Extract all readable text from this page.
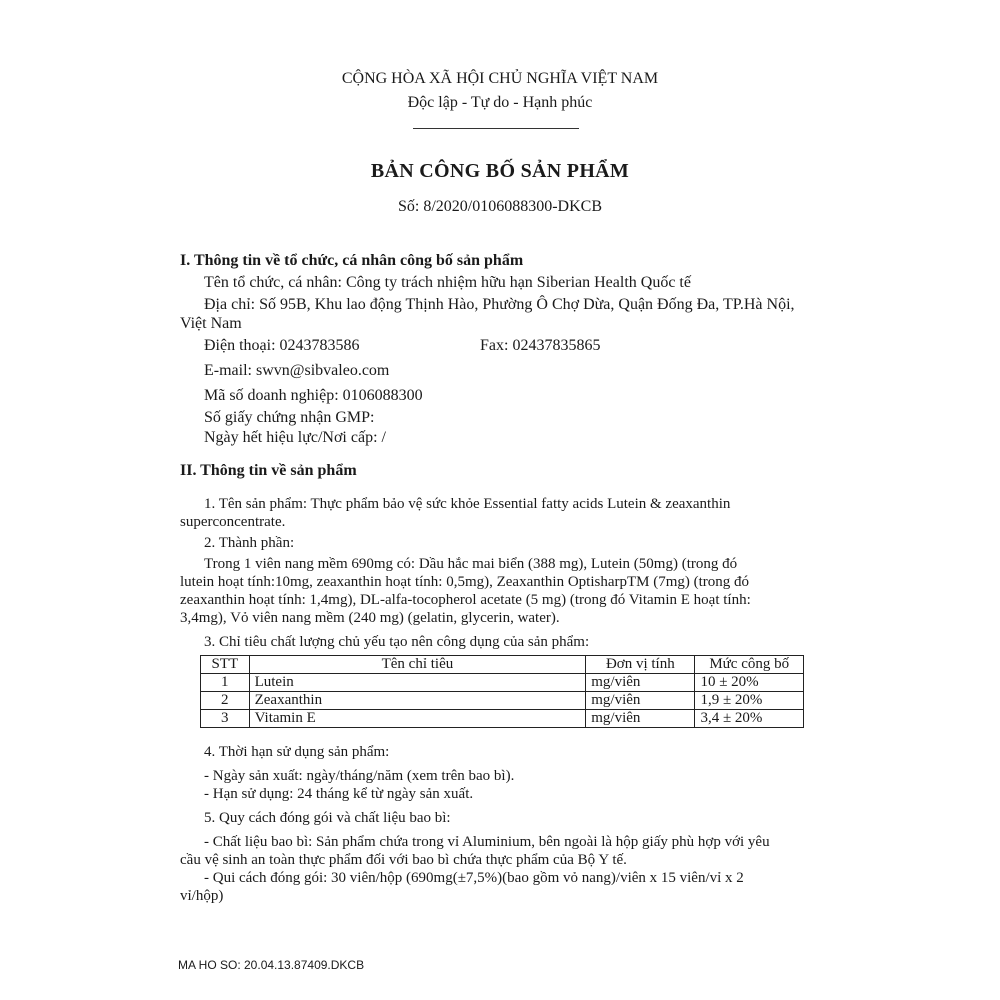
CỘNG HÒA XÃ HỘI CHỦ NGHĨA VIỆT NAM
Độc lập - Tự do - Hạnh phúc
BẢN CÔNG BỐ SẢN PHẨM
Số: 8/2020/0106088300-DKCB
I. Thông tin về tổ chức, cá nhân công bố sản phẩm
Tên tổ chức, cá nhân: Công ty trách nhiệm hữu hạn Siberian Health Quốc tế
Địa chỉ: Số 95B, Khu lao động Thịnh Hào, Phường Ô Chợ Dừa, Quận Đống Đa, TP.Hà Nội,
Việt Nam
Điện thoại: 0243783586	Fax: 02437835865
E-mail: swvn@sibvaleo.com
Mã số doanh nghiệp: 0106088300
Số giấy chứng nhận GMP:
Ngày hết hiệu lực/Nơi cấp: /
II. Thông tin về sản phẩm
1. Tên sản phẩm: Thực phẩm bảo vệ sức khỏe Essential fatty acids Lutein & zeaxanthin
superconcentrate.
2. Thành phần:
Trong 1 viên nang mềm 690mg có: Dầu hắc mai biển (388 mg), Lutein (50mg) (trong đó
lutein hoạt tính:10mg, zeaxanthin hoạt tính: 0,5mg), Zeaxanthin OptisharpTM (7mg) (trong đó
zeaxanthin hoạt tính: 1,4mg), DL-alfa-tocopherol acetate (5 mg) (trong đó Vitamin E hoạt tính:
3,4mg), Vỏ viên nang mềm (240 mg) (gelatin, glycerin, water).
3. Chỉ tiêu chất lượng chủ yếu tạo nên công dụng của sản phẩm:
STT	Tên chỉ tiêu	Đơn vị tính	Mức công bố
1	Lutein	mg/viên	10 ± 20%
2	Zeaxanthin	mg/viên	1,9 ± 20%
3	Vitamin E	mg/viên	3,4 ± 20%
4. Thời hạn sử dụng sản phẩm:
- Ngày sản xuất: ngày/tháng/năm (xem trên bao bì).
- Hạn sử dụng: 24 tháng kể từ ngày sản xuất.
5. Quy cách đóng gói và chất liệu bao bì:
- Chất liệu bao bì: Sản phẩm chứa trong vỉ Aluminium, bên ngoài là hộp giấy phù hợp với yêu
cầu vệ sinh an toàn thực phẩm đối với bao bì chứa thực phẩm của Bộ Y tế.
- Qui cách đóng gói: 30 viên/hộp (690mg(±7,5%)(bao gồm vỏ nang)/viên x 15 viên/vỉ x 2
vỉ/hộp)
MA HO SO: 20.04.13.87409.DKCB
